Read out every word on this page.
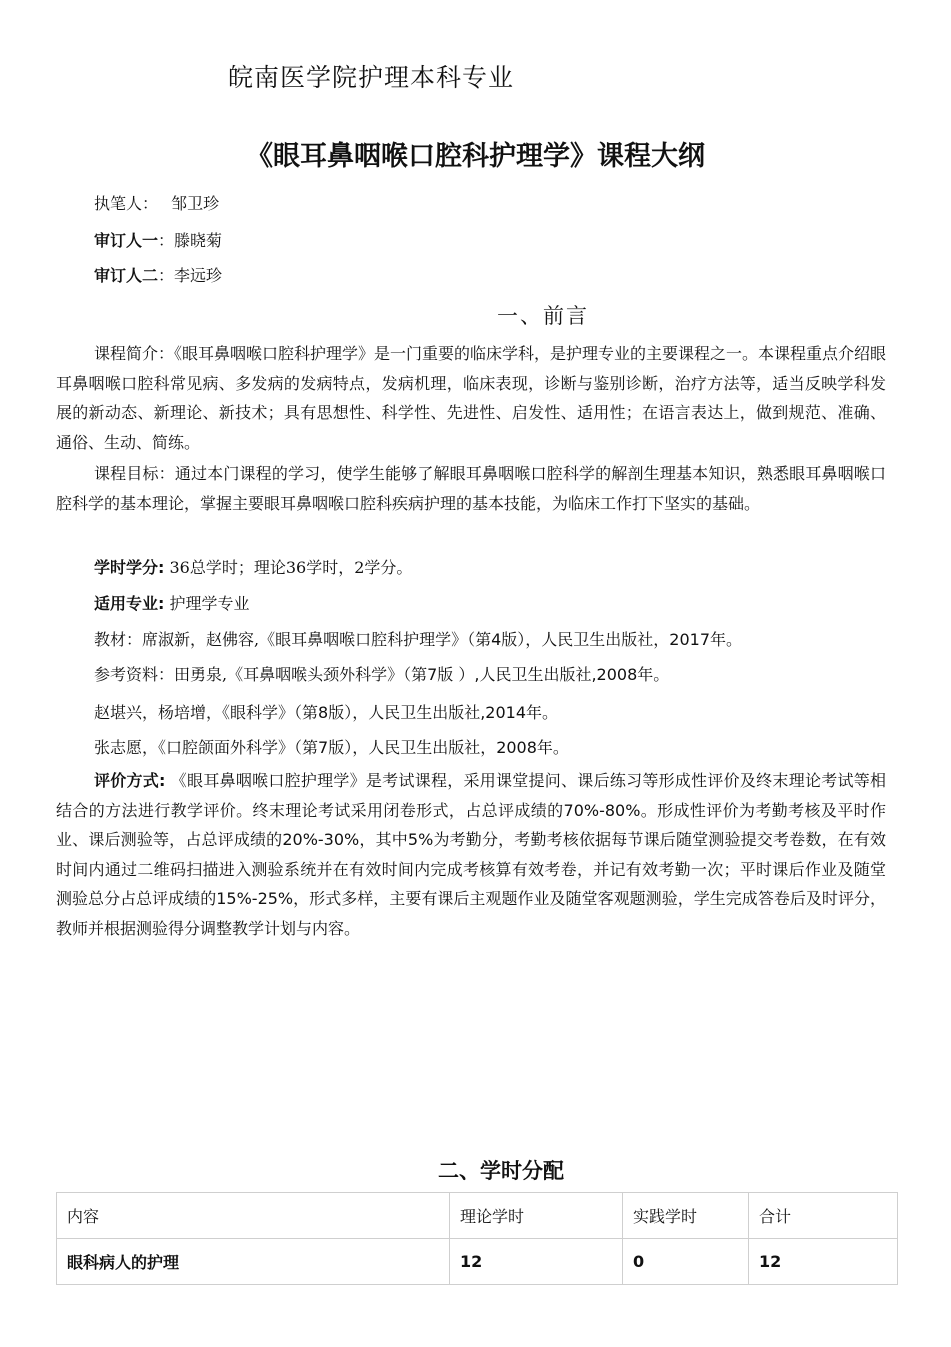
皖南医学院护理本科专业
《眼耳鼻咽喉口腔科护理学》课程大纲
执笔人： 邹卫珍
审订人一：滕晓菊
审订人二：李远珍
一、前言

课程简介：《眼耳鼻咽喉口腔科护理学》是一门重要的临床学科，是护理专业的主要课程之一。本课程重点介绍眼耳鼻咽喉口腔科常见病、多发病的发病特点，发病机理，临床表现，诊断与鉴别诊断，治疗方法等，适当反映学科发展的新动态、新理论、新技术；具有思想性、科学性、先进性、启发性、适用性；在语言表达上，做到规范、准确、通俗、生动、简练。

课程目标：通过本门课程的学习，使学生能够了解眼耳鼻咽喉口腔科学的解剖生理基本知识，熟悉眼耳鼻咽喉口腔科学的基本理论，掌握主要眼耳鼻咽喉口腔科疾病护理的基本技能，为临床工作打下坚实的基础。

学时学分: 36总学时；理论36学时，2学分。
适用专业: 护理学专业
教材：席淑新，赵佛容,《眼耳鼻咽喉口腔科护理学》（第4版），人民卫生出版社，2017年。
参考资料：田勇泉,《耳鼻咽喉头颈外科学》（第7版 ）,人民卫生出版社,2008年。
赵堪兴，杨培增，《眼科学》（第8版），人民卫生出版社,2014年。
张志愿，《口腔颌面外科学》（第7版），人民卫生出版社，2008年。

评价方式: 《眼耳鼻咽喉口腔护理学》是考试课程，采用课堂提问、课后练习等形成性评价及终末理论考试等相结合的方法进行教学评价。终末理论考试采用闭卷形式，占总评成绩的70%-80%。形成性评价为考勤考核及平时作业、课后测验等，占总评成绩的20%-30%，其中5%为考勤分，考勤考核依据每节课后随堂测验提交考卷数，在有效时间内通过二维码扫描进入测验系统并在有效时间内完成考核算有效考卷，并记有效考勤一次；平时课后作业及随堂测验总分占总评成绩的15%-25%，形式多样，主要有课后主观题作业及随堂客观题测验，学生完成答卷后及时评分，教师并根据测验得分调整教学计划与内容。

二、学时分配
内容	理论学时	实践学时	合计
眼科病人的护理	12	0	12
